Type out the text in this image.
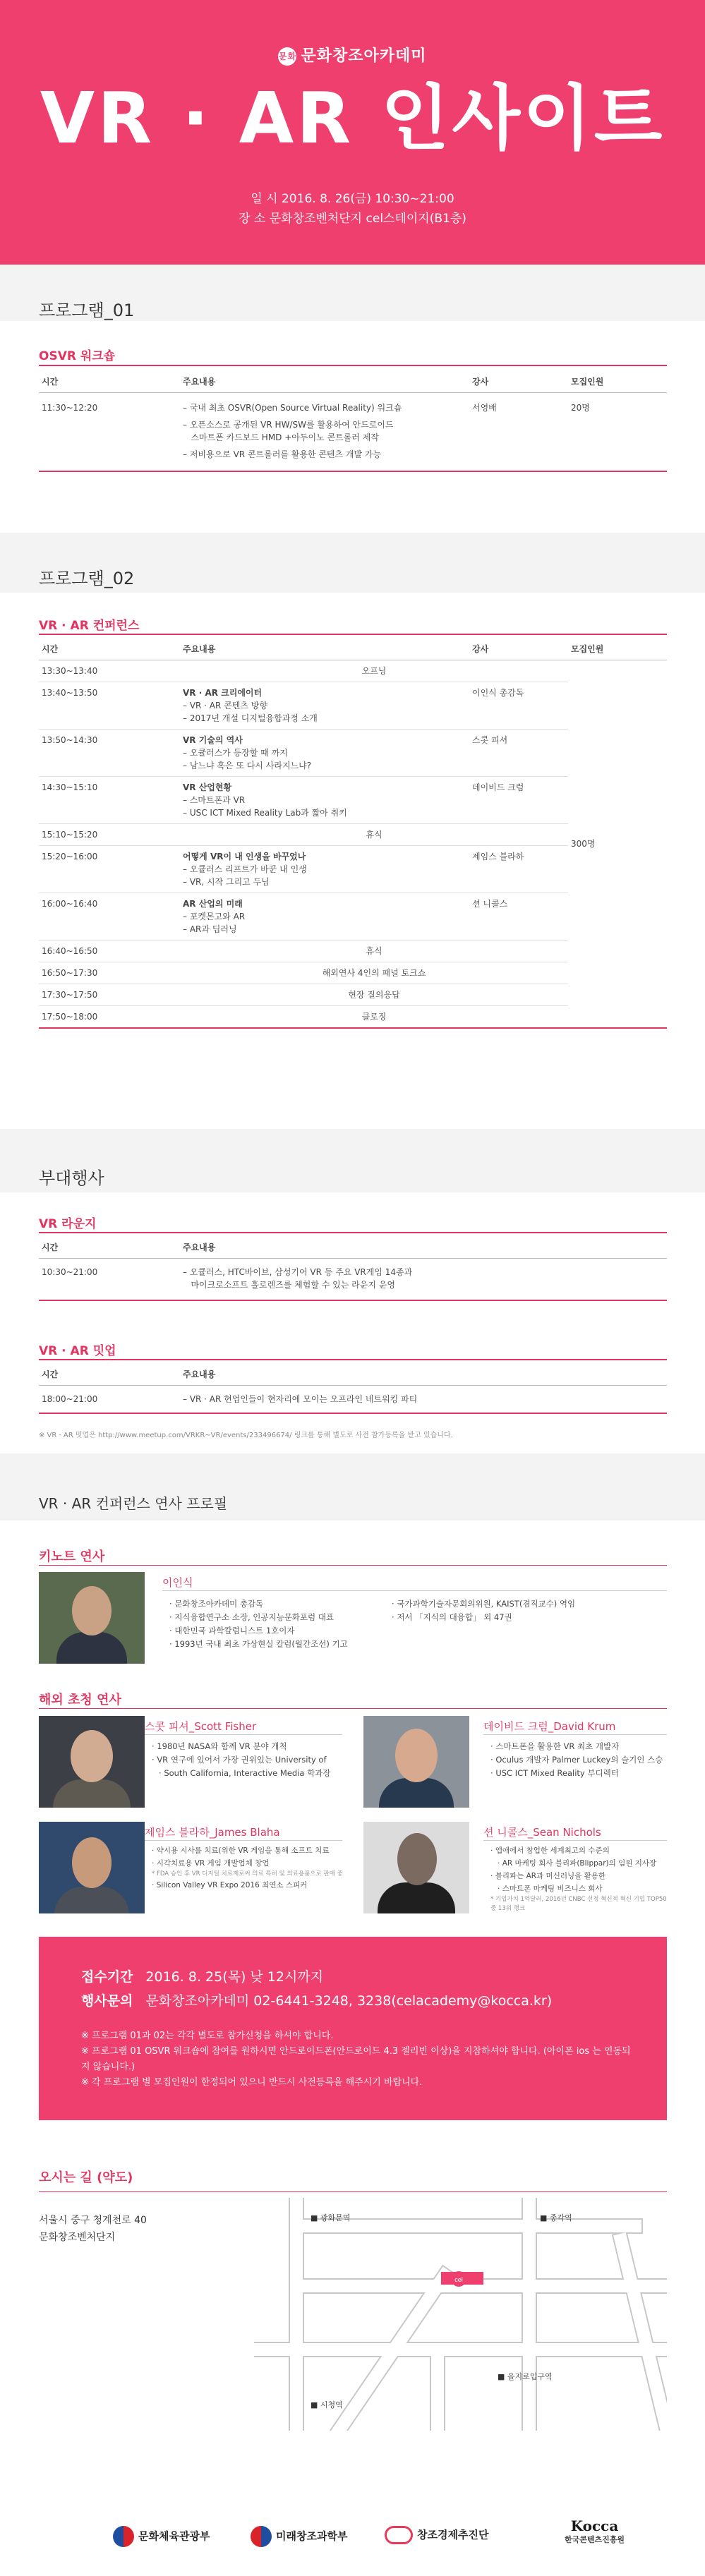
문화 문화창조아카데미
VR · AR 인사이트
일 시 2016. 8. 26(금) 10:30~21:00
장 소 문화창조벤처단지 cel스테이지(B1층)
프로그램_01
OSVR 워크숍
시간	주요내용	강사	모집인원
11:30~12:20	– 국내 최초 OSVR(Open Source Virtual Reality) 워크숍
– 오픈소스로 공개된 VR HW/SW를 활용하여 안드로이드
스마트폰 카드보드 HMD +아두이노 콘트롤러 제작
– 저비용으로 VR 콘트롤러를 활용한 콘텐츠 개발 가능	서영배	20명
프로그램_02
VR · AR 컨퍼런스
시간	주요내용	강사	모집인원
13:30~13:40	오프닝		300명
13:40~13:50	VR · AR 크리에이터
– VR · AR 콘텐츠 방향
– 2017년 개설 디지털융합과정 소개	이인식 총감독	
13:50~14:30	VR 기술의 역사
– 오큘러스가 등장할 때 까지
– 남느냐 혹은 또 다시 사라지느냐?	스콧 피셔	
14:30~15:10	VR 산업현황
– 스마트폰과 VR
– USC ICT Mixed Reality Lab과 짧아 취키	데이비드 크럼	
15:10~15:20	휴식		
15:20~16:00	어떻게 VR이 내 인생을 바꾸었나
– 오큘러스 리프트가 바꾼 내 인생
– VR, 시작 그리고 두님	제임스 블라하	
16:00~16:40	AR 산업의 미래
– 포켓몬고와 AR
– AR과 딥러닝	션 니콜스	
16:40~16:50	휴식		
16:50~17:30	해외연사 4인의 패널 토크쇼		
17:30~17:50	현장 질의응답		
17:50~18:00	클로징		
부대행사
VR 라운지
시간	주요내용
10:30~21:00	– 오큘러스, HTC바이브, 삼성기어 VR 등 주요 VR게임 14종과
마이크로소프트 홀로렌즈를 체험할 수 있는 라운지 운영
VR · AR 밋업
시간	주요내용
18:00~21:00	– VR · AR 현업인들이 현자리에 모이는 오프라인 네트워킹 파티
※ VR · AR 밋업은 http://www.meetup.com/VRKR~VR/events/233496674/ 링크를 통해 별도로 사전 참가등록을 받고 있습니다.
VR · AR 컨퍼런스 연사 프로필
키노트 연사
이인식
· 문화창조아카데미 총감독
· 지식융합연구소 소장, 인공지능문화포럼 대표
· 대한민국 과학칼럼니스트 1호이자
· 1993년 국내 최초 가상현실 칼럼(월간조선) 기고
· 국가과학기술자문회의위원, KAIST(겸직교수) 역임
· 저서 「지식의 대융합」 외 47권
해외 초청 연사
스콧 피셔_Scott Fisher
· 1980년 NASA와 함께 VR 분야 개척
· VR 연구에 있어서 가장 권위있는 University of
· South California, Interactive Media 학과장
데이비드 크럼_David Krum
· 스마트폰을 활용한 VR 최초 개발자
· Oculus 개발자 Palmer Luckey의 슬기인 스승
· USC ICT Mixed Reality 부디렉터
제임스 블라하_James Blaha
· 약시용 시사를 치료(위한 VR 게임을 통해 소프트 치료
· 시각치료용 VR 게임 개발업체 창업
* FDA 승인 후 VR 디지털 치료제로써 의료 특허 및 의료용품으로 판매 중
· Silicon Valley VR Expo 2016 최연소 스피커
션 니콜스_Sean Nichols
· 앱애에서 창업한 세계최고의 수준의
· AR 마케팅 회사 블리파(Blippar)의 임원 지사장
· 블리파는 AR과 머신러닝을 활용한
· 스마트폰 마케팅 비즈니스 회사
* 기업가치 1억달러, 2016년 CNBC 선정 혁신적 혁신 기업 TOP50 중 13위 랭크
접수기간 2016. 8. 25(목) 낮 12시까지
행사문의 문화창조아카데미 02-6441-3248, 3238(celacademy@kocca.kr)
※ 프로그램 01과 02는 각각 별도로 참가신청을 하셔야 합니다.
※ 프로그램 01 OSVR 워크숍에 참여를 원하시면 안드로이드폰(안드로이드 4.3 젤리빈 이상)을 지참하셔야 합니다. (아이폰 ios 는 연동되지 않습니다.)
※ 각 프로그램 별 모집인원이 한정되어 있으니 반드시 사전등록을 해주시기 바랍니다.
오시는 길 (약도)
서울시 중구 청계천로 40
문화창조벤처단지
cel
■ 광화문역	■ 종각역
■ 시청역
■ 을지로입구역
문화체육관광부	미래창조과학부	창조경제추진단
Kocca
한국콘텐츠진흥원
